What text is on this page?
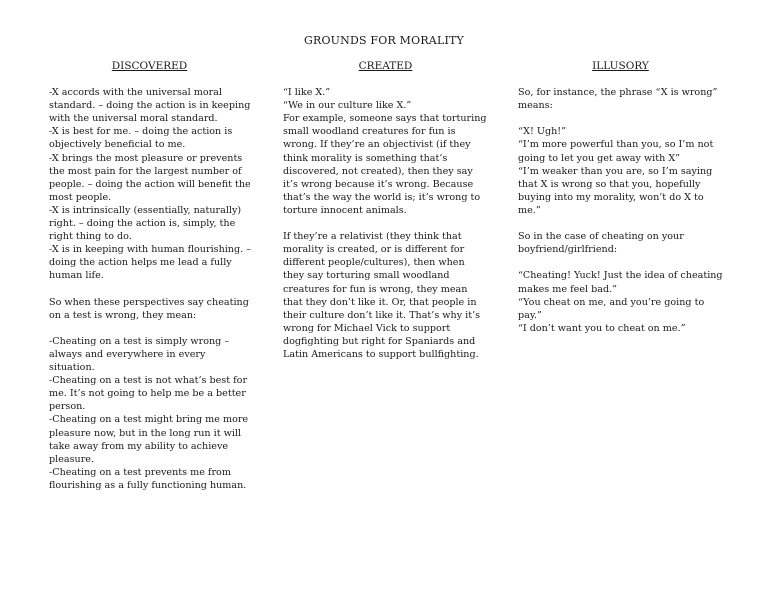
GROUNDS FOR MORALITY
DISCOVERED
-X accords with the universal moral standard. – doing the action is in keeping with the universal moral standard.
-X is best for me. – doing the action is objectively beneficial to me.
-X brings the most pleasure or prevents the most pain for the largest number of people. – doing the action will benefit the most people.
-X is intrinsically (essentially, naturally) right. – doing the action is, simply, the right thing to do.
-X is in keeping with human flourishing. – doing the action helps me lead a fully human life.
So when these perspectives say cheating on a test is wrong, they mean:
-Cheating on a test is simply wrong – always and everywhere in every situation.
-Cheating on a test is not what’s best for me. It’s not going to help me be a better person.
-Cheating on a test might bring me more pleasure now, but in the long run it will take away from my ability to achieve pleasure.
-Cheating on a test prevents me from flourishing as a fully functioning human.
CREATED
“I like X.”
“We in our culture like X.”
For example, someone says that torturing small woodland creatures for fun is wrong. If they’re an objectivist (if they think morality is something that’s discovered, not created), then they say it’s wrong because it’s wrong. Because that’s the way the world is; it’s wrong to torture innocent animals.
If they’re a relativist (they think that morality is created, or is different for different people/cultures), then when they say torturing small woodland creatures for fun is wrong, they mean that they don’t like it. Or, that people in their culture don’t like it. That’s why it’s wrong for Michael Vick to support dogfighting but right for Spaniards and Latin Americans to support bullfighting.
ILLUSORY
So, for instance, the phrase “X is wrong” means:
“X! Ugh!”
“I’m more powerful than you, so I’m not going to let you get away with X”
“I’m weaker than you are, so I’m saying that X is wrong so that you, hopefully buying into my morality, won’t do X to me.”
So in the case of cheating on your boyfriend/girlfriend:
“Cheating! Yuck! Just the idea of cheating makes me feel bad.”
“You cheat on me, and you’re going to pay.”
“I don’t want you to cheat on me.”
